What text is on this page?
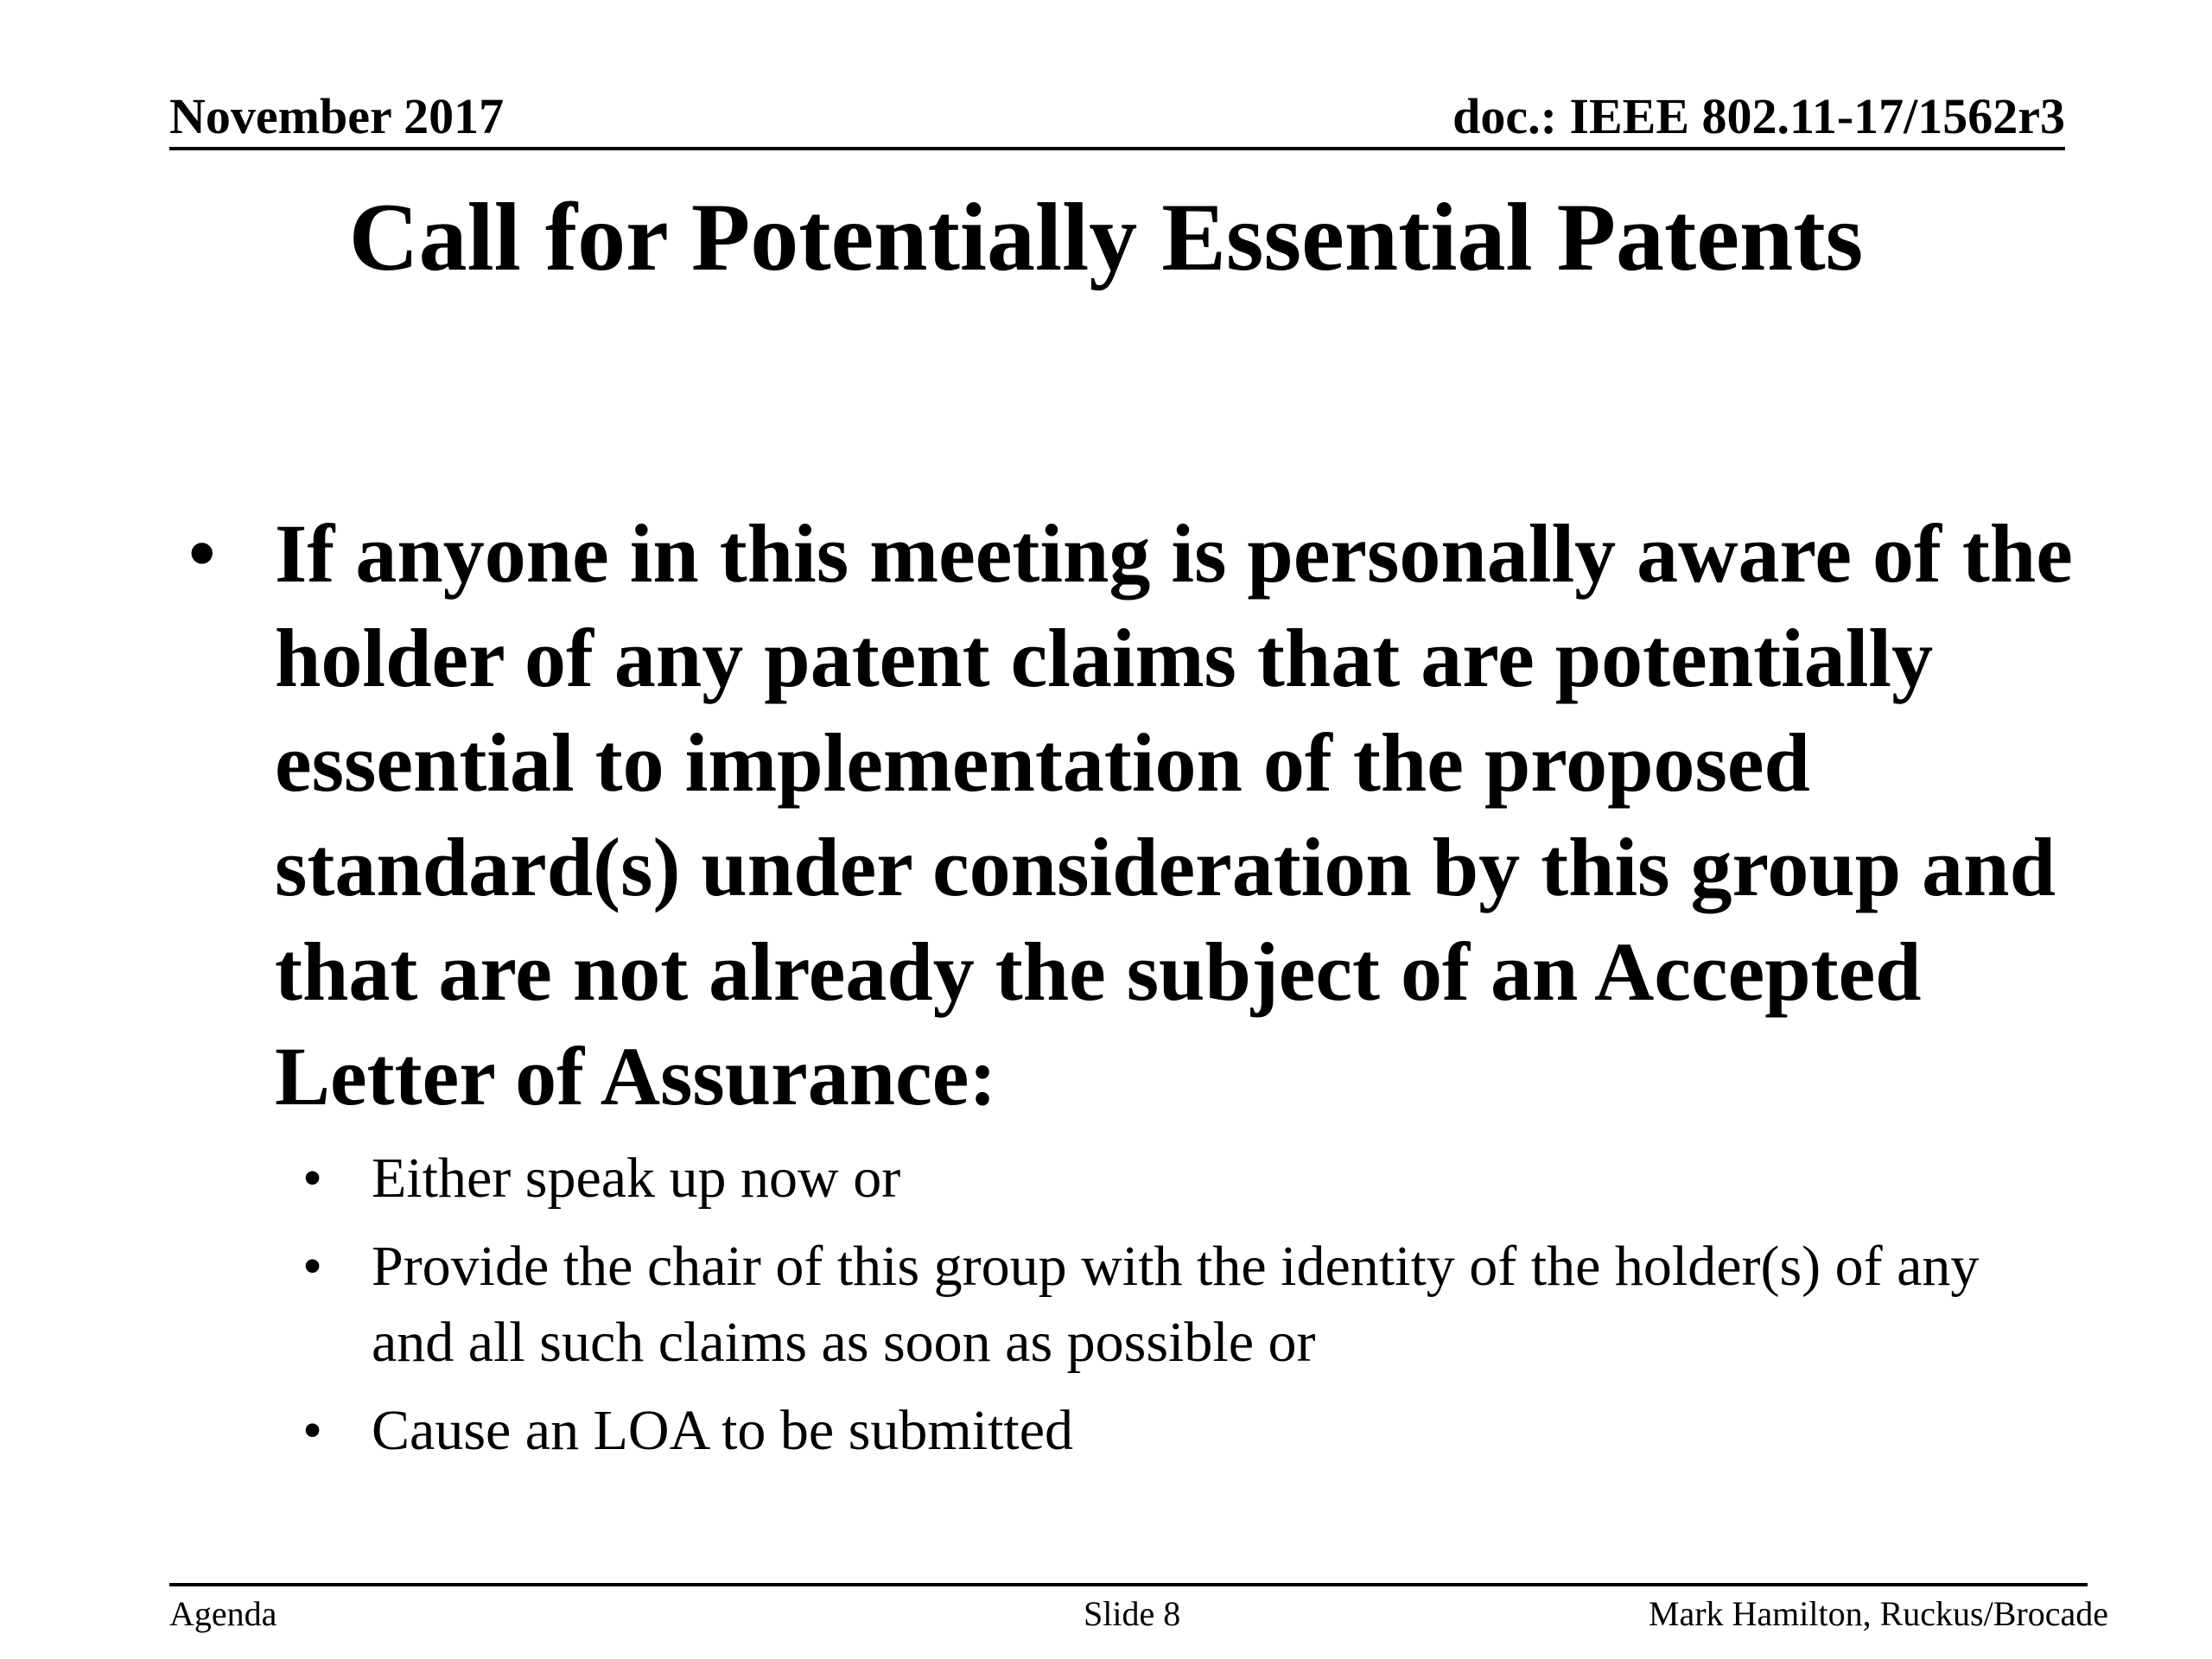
November 2017	doc.: IEEE 802.11-17/1562r3
Call for Potentially Essential Patents
• If anyone in this meeting is personally aware of the holder of any patent claims that are potentially essential to implementation of the proposed standard(s) under consideration by this group and that are not already the subject of an Accepted Letter of Assurance:
• Either speak up now or
• Provide the chair of this group with the identity of the holder(s) of any and all such claims as soon as possible or
• Cause an LOA to be submitted
Agenda	Slide 8	Mark Hamilton, Ruckus/Brocade
